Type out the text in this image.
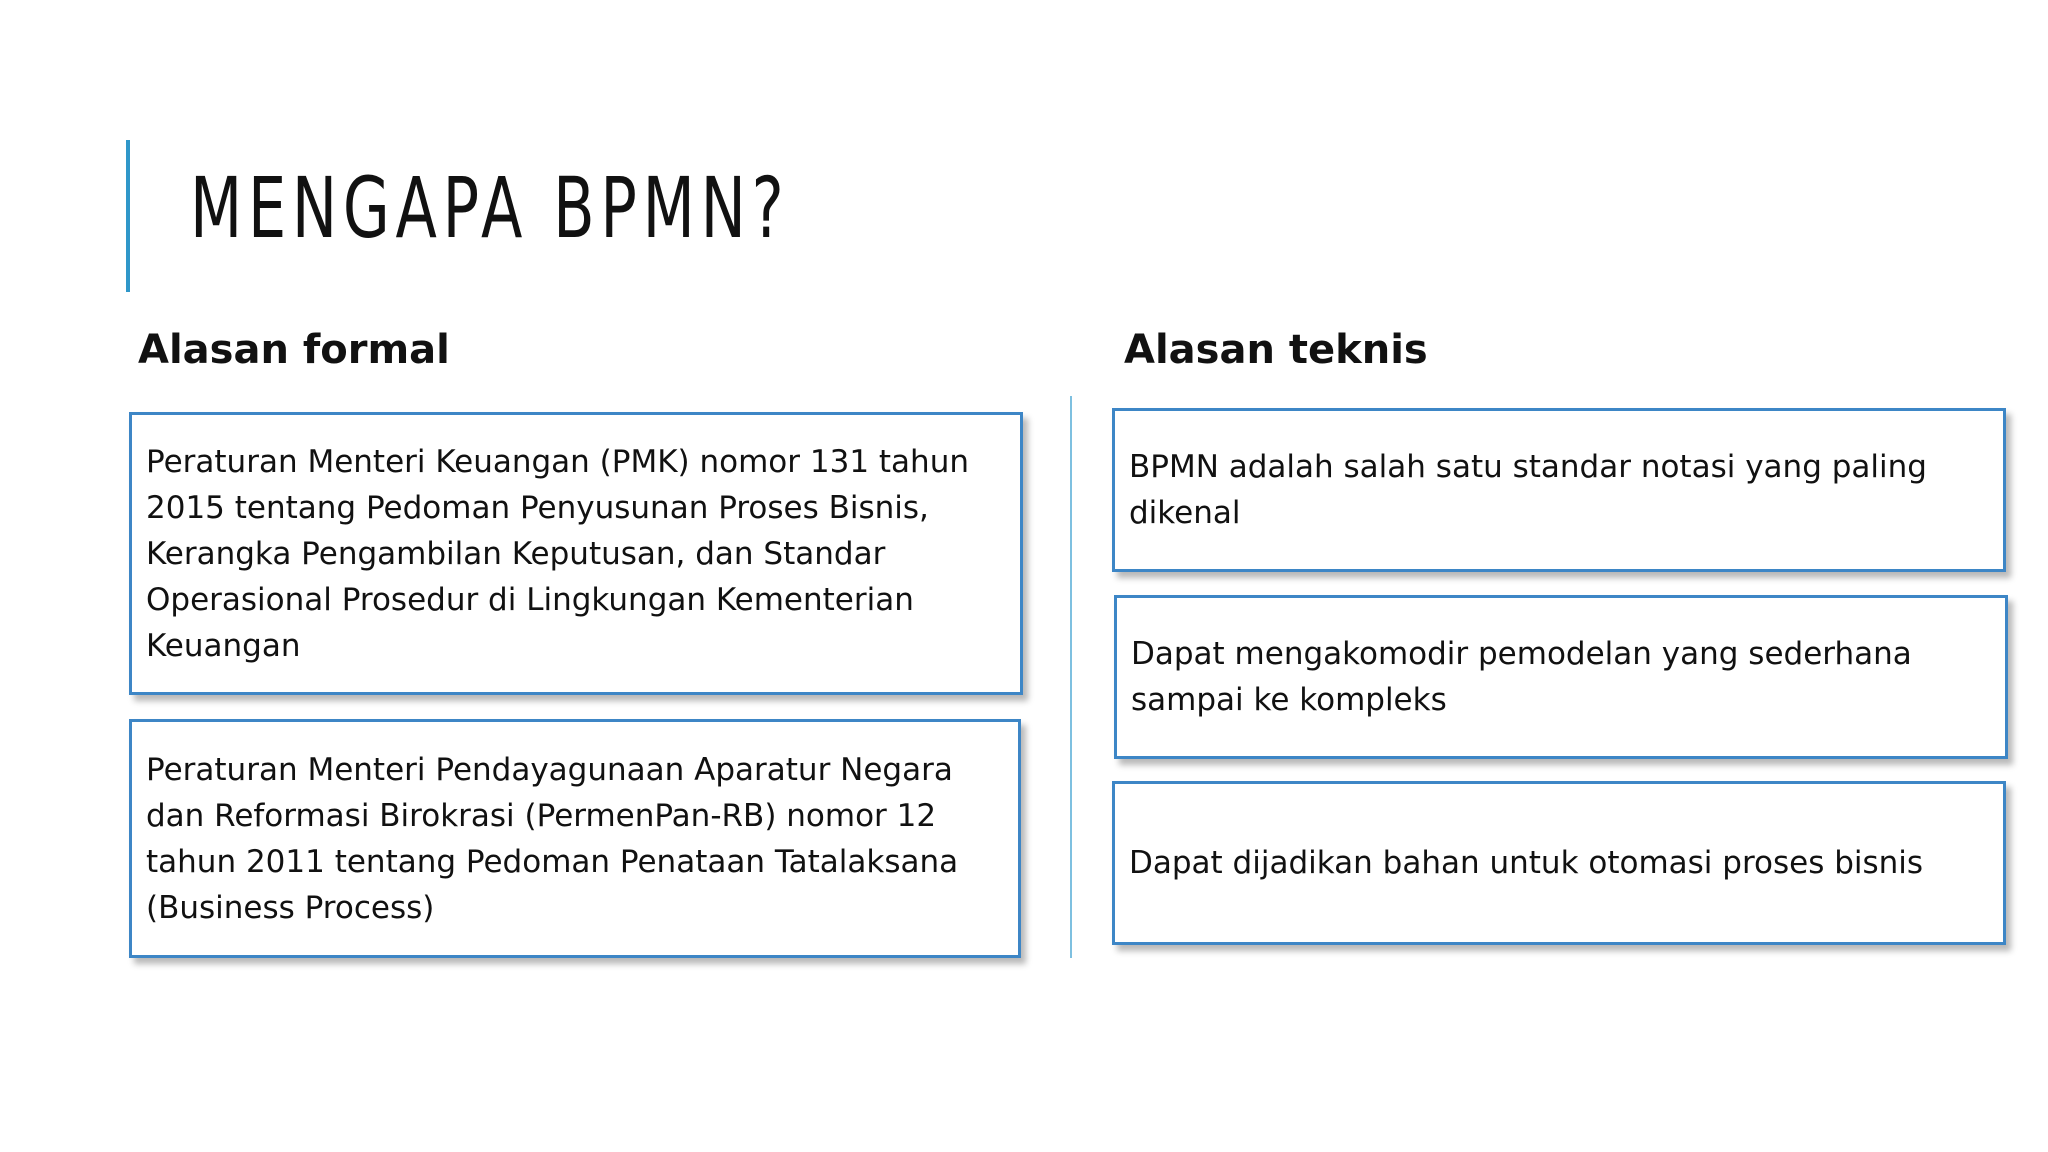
MENGAPA BPMN?
Alasan formal	Alasan teknis
Peraturan Menteri Keuangan (PMK) nomor 131 tahun 2015 tentang Pedoman Penyusunan Proses Bisnis, Kerangka Pengambilan Keputusan, dan Standar Operasional Prosedur di Lingkungan Kementerian Keuangan
Peraturan Menteri Pendayagunaan Aparatur Negara dan Reformasi Birokrasi (PermenPan-RB) nomor 12 tahun 2011 tentang Pedoman Penataan Tatalaksana (Business Process)
BPMN adalah salah satu standar notasi yang paling dikenal
Dapat mengakomodir pemodelan yang sederhana sampai ke kompleks
Dapat dijadikan bahan untuk otomasi proses bisnis
